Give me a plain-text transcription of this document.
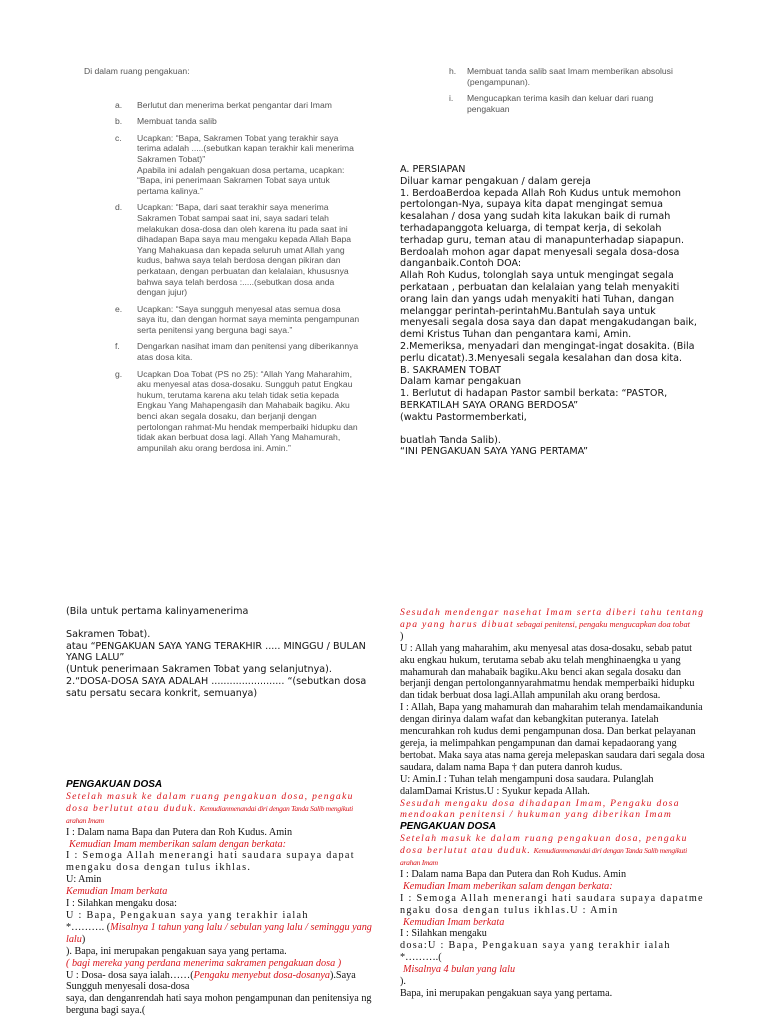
Di dalam ruang pengakuan:

a.	Berlutut dan menerima berkat pengantar dari Imam
b.	Membuat tanda salib
c.	Ucapkan: “Bapa, Sakramen Tobat yang terakhir saya terima adalah .....(sebutkan kapan terakhir kali menerima Sakramen Tobat)”
Apabila ini adalah pengakuan dosa pertama, ucapkan: “Bapa, ini penerimaan Sakramen Tobat saya untuk pertama kalinya.”
d.	Ucapkan: “Bapa, dari saat terakhir saya menerima Sakramen Tobat sampai saat ini, saya sadari telah melakukan dosa-dosa dan oleh karena itu pada saat ini dihadapan Bapa saya mau mengaku kepada Allah Bapa Yang Mahakuasa dan kepada seluruh umat Allah yang kudus, bahwa saya telah berdosa dengan pikiran dan perkataan, dengan perbuatan dan kelalaian, khususnya bahwa saya telah berdosa :.....(sebutkan dosa anda dengan jujur)
e.	Ucapkan: “Saya sungguh menyesal atas semua dosa saya itu, dan dengan hormat saya meminta pengampunan serta penitensi yang berguna bagi saya.”
f.	Dengarkan nasihat imam dan penitensi yang diberikannya atas dosa kita.
g.	Ucapkan Doa Tobat (PS no 25): “Allah Yang Maharahim, aku menyesal atas dosa-dosaku. Sungguh patut Engkau hukum, terutama karena aku telah tidak setia kepada Engkau Yang Mahapengasih dan Mahabaik bagiku. Aku benci akan segala dosaku, dan berjanji dengan pertolongan rahmat-Mu hendak memperbaiki hidupku dan tidak akan berbuat dosa lagi. Allah Yang Mahamurah, ampunilah aku orang berdosa ini. Amin.”
h.	Membuat tanda salib saat Imam memberikan absolusi (pengampunan).
i.	Mengucapkan terima kasih dan keluar dari ruang pengakuan

A. PERSIAPAN

Diluar kamar pengakuan / dalam gereja

1. BerdoaBerdoa kepada Allah Roh Kudus untuk memohon pertolongan-Nya, supaya kita dapat mengingat semua kesalahan / dosa yang sudah kita lakukan baik di rumah terhadapanggota keluarga, di tempat kerja, di sekolah terhadap guru, teman atau di manapunterhadap siapapun. Berdoalah mohon agar dapat menyesali segala dosa-dosa danganbaik.Contoh DOA:

Allah Roh Kudus, tolonglah saya untuk mengingat segala perkataan , perbuatan dan kelalaian yang telah menyakiti orang lain dan yangs udah menyakiti hati Tuhan, dangan melanggar perintah-perintahMu.Bantulah saya untuk menyesali segala dosa saya dan dapat mengakudangan baik, demi Kristus Tuhan dan pengantara kami, Amin.

2.Memeriksa, menyadari dan mengingat-ingat dosakita. (Bila perlu dicatat).3.Menyesali segala kesalahan dan dosa kita.

B. SAKRAMEN TOBAT

Dalam kamar pengakuan

1. Berlutut di hadapan Pastor sambil berkata: “PASTOR, BERKATILAH SAYA ORANG BERDOSA”

(waktu Pastormemberkati,

buatlah Tanda Salib).

“INI PENGAKUAN SAYA YANG PERTAMA”

(Bila untuk pertama kalinyamenerima

Sakramen Tobat).

atau “PENGAKUAN SAYA YANG TERAKHIR ..... MINGGU / BULAN YANG LALU”

(Untuk penerimaan Sakramen Tobat yang selanjutnya).

2.“DOSA-DOSA SAYA ADALAH ........................ “(sebutkan dosa satu persatu secara konkrit, semuanya)

PENGAKUAN DOSA

Setelah masuk ke dalam ruang pengakuan dosa, pengaku dosa berlutut atau duduk. Kemudianmenandai diri dengan Tanda Salib mengikuti arahan Imam

I : Dalam nama Bapa dan Putera dan Roh Kudus. Amin

Kemudian Imam memberikan salam dengan berkata:

I : Semoga Allah menerangi hati saudara supaya dapat mengaku dosa dengan tulus ikhlas.

U: Amin

Kemudian Imam berkata

I : Silahkan mengaku dosa:

U : Bapa, Pengakuan saya yang terakhir ialah

*………. (Misalnya 1 tahun yang lalu / sebulan yang lalu / seminggu yang lalu)

). Bapa, ini merupakan pengakuan saya yang pertama.

( bagi mereka yang perdana menerima sakramen pengakuan dosa )

U : Dosa- dosa saya ialah……(Pengaku menyebut dosa-dosanya).Saya Sungguh menyesali dosa-dosa

saya, dan denganrendah hati saya mohon pengampunan dan penitensiya ng berguna bagi saya.(

Sesudah mendengar nasehat Imam serta diberi tahu tentang apa yang harus dibuat sebagai penitensi, pengaku mengucapkan doa tobat

)

U : Allah yang maharahim, aku menyesal atas dosa-dosaku, sebab patut aku engkau hukum, terutama sebab aku telah menghinaengka u yang mahamurah dan mahabaik bagiku.Aku benci akan segala dosaku dan berjanji dengan pertolongannyarahmatmu hendak memperbaiki hidupku dan tidak berbuat dosa lagi.Allah ampunilah aku orang berdosa.

I : Allah, Bapa yang mahamurah dan maharahim telah mendamaikandunia dengan dirinya dalam wafat dan kebangkitan puteranya. Iatelah mencurahkan roh kudus demi pengampunan dosa. Dan berkat pelayanan gereja, ia melimpahkan pengampunan dan damai kepadaorang yang bertobat. Maka saya atas nama gereja melepaskan saudara dari segala dosa saudara, dalam nama Bapa † dan putera danroh kudus.

U: Amin.I : Tuhan telah mengampuni dosa saudara. Pulanglah dalamDamai Kristus.U : Syukur kepada Allah.

Sesudah mengaku dosa dihadapan Imam, Pengaku dosa mendoakan penitensi / hukuman yang diberikan Imam

PENGAKUAN DOSA

Setelah masuk ke dalam ruang pengakuan dosa, pengaku dosa berlutut atau duduk. Kemudianmenandai diri dengan Tanda Salib mengikuti arahan Imam

I : Dalam nama Bapa dan Putera dan Roh Kudus. Amin

Kemudian Imam meberikan salam dengan berkata:

I : Semoga Allah menerangi hati saudara supaya dapatme ngaku dosa dengan tulus ikhlas.U : Amin

Kemudian Imam berkata

I : Silahkan mengaku

dosa:U : Bapa, Pengakuan saya yang terakhir ialah

*……….(

Misalnya 4 bulan yang lalu

).

Bapa, ini merupakan pengakuan saya yang pertama.
